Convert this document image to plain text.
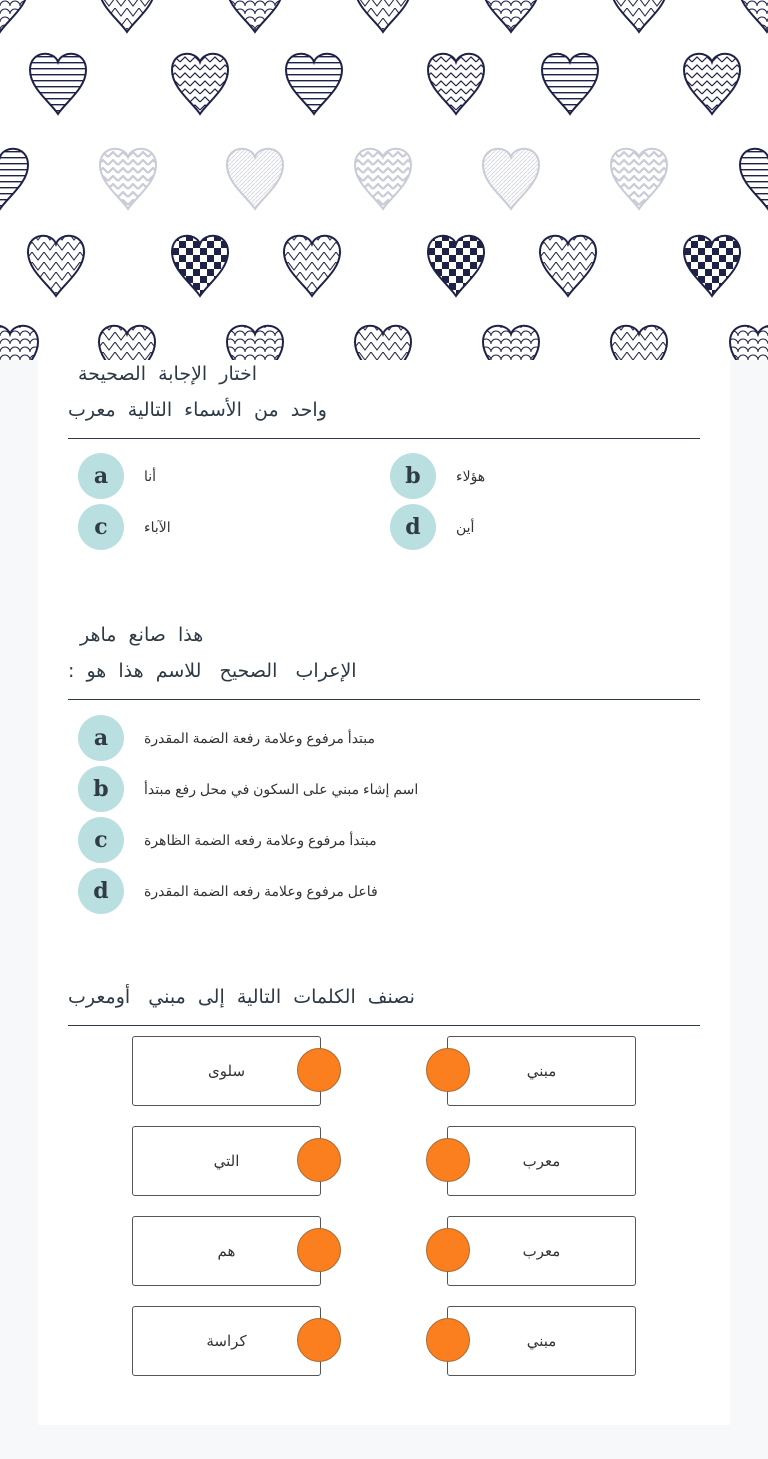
اختار  الإجابة  الصحيحة
واحد  من  الأسماء  التالية  معرب
a	أنا	b	هؤلاء
c	الآباء	d	أين
هذا  صانع  ماهر
الإعراب   الصحيح   للاسم  هذا  هو  :
a	مبتدأ مرفوع وعلامة رفعة الضمة المقدرة
b	اسم إشاء مبني على السكون في محل رفع مبتدأ
c	مبتدأ مرفوع وعلامة رفعه الضمة الظاهرة
d	فاعل مرفوع وعلامة رفعه الضمة المقدرة
نصنف  الكلمات  التالية  إلى  مبني   أومعرب
سلوى	مبني
التي	معرب
هم	معرب
كراسة	مبني
